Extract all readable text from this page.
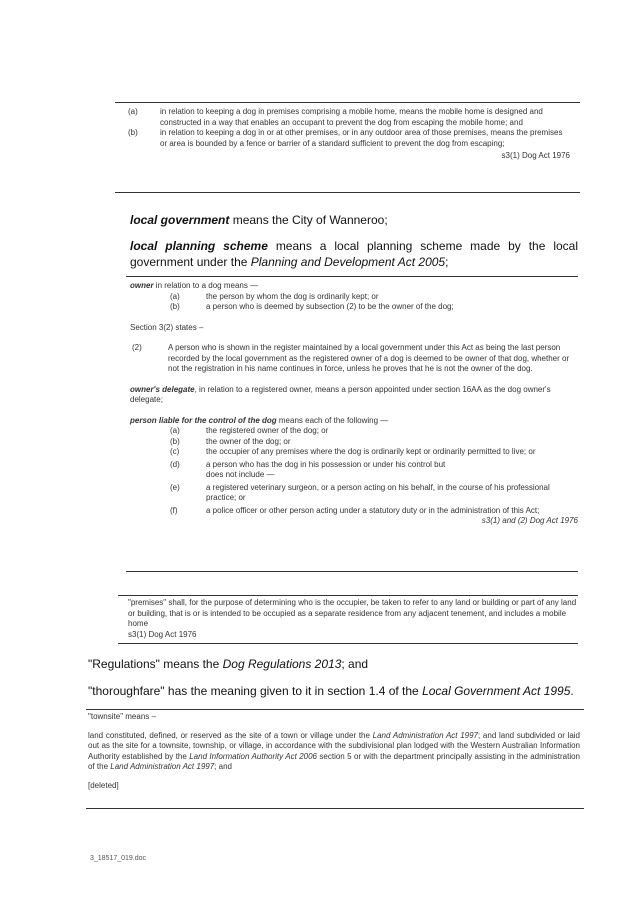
(a)	in relation to keeping a dog in premises comprising a mobile home, means the mobile home is designed and constructed in a way that enables an occupant to prevent the dog from escaping the mobile home; and
(b)	in relation to keeping a dog in or at other premises, or in any outdoor area of those premises, means the premises or area is bounded by a fence or barrier of a standard sufficient to prevent the dog from escaping;
s3(1) Dog Act 1976
local government means the City of Wanneroo;
local planning scheme means a local planning scheme made by the local government under the Planning and Development Act 2005;
owner in relation to a dog means —
(a)	the person by whom the dog is ordinarily kept; or
(b)	a person who is deemed by subsection (2) to be the owner of the dog;
Section 3(2) states –
(2)	A person who is shown in the register maintained by a local government under this Act as being the last person recorded by the local government as the registered owner of a dog is deemed to be owner of that dog, whether or not the registration in his name continues in force, unless he proves that he is not the owner of the dog.
owner's delegate, in relation to a registered owner, means a person appointed under section 16AA as the dog owner's delegate;
person liable for the control of the dog means each of the following —
(a)	the registered owner of the dog; or
(b)	the owner of the dog; or
(c)	the occupier of any premises where the dog is ordinarily kept or ordinarily permitted to live; or
(d)	a person who has the dog in his possession or under his control but does not include —
(e)	a registered veterinary surgeon, or a person acting on his behalf, in the course of his professional practice; or
(f)	a police officer or other person acting under a statutory duty or in the administration of this Act;
s3(1) and (2) Dog Act 1976
"premises" shall, for the purpose of determining who is the occupier, be taken to refer to any land or building or part of any land or building, that is or is intended to be occupied as a separate residence from any adjacent tenement, and includes a mobile home
s3(1) Dog Act 1976
"Regulations" means the Dog Regulations 2013; and
"thoroughfare" has the meaning given to it in section 1.4 of the Local Government Act 1995.
"townsite" means –
land constituted, defined, or reserved as the site of a town or village under the Land Administration Act 1997; and land subdivided or laid out as the site for a townsite, township, or village, in accordance with the subdivisional plan lodged with the Western Australian Information Authority established by the Land Information Authority Act 2006 section 5 or with the department principally assisting in the administration of the Land Administration Act 1997; and
[deleted]
3_18517_019.doc
